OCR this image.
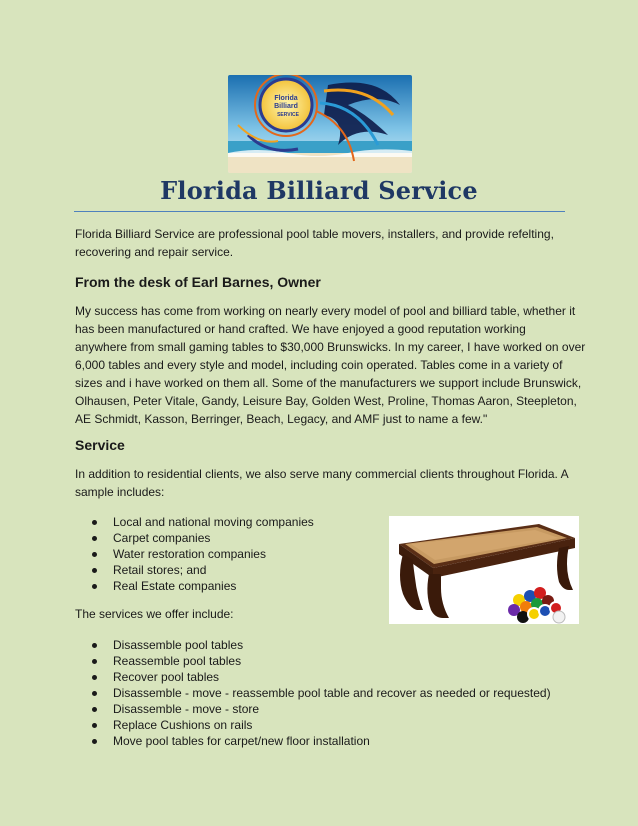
Florida
Billiard
SERVICE
Florida Billiard Service
Florida Billiard Service are professional pool table movers, installers, and provide refelting,
recovering and repair service.
From the desk of Earl Barnes, Owner
My success has come from working on nearly every model of pool and billiard table, whether it
has been manufactured or hand crafted. We have enjoyed a good reputation working
anywhere from small gaming tables to $30,000 Brunswicks. In my career, I have worked on over
6,000 tables and every style and model, including coin operated. Tables come in a variety of
sizes and i have worked on them all. Some of the manufacturers we support include Brunswick,
Olhausen, Peter Vitale, Gandy, Leisure Bay, Golden West, Proline, Thomas Aaron, Steepleton,
AE Schmidt, Kasson, Berringer, Beach, Legacy, and AMF just to name a few."
Service
In addition to residential clients, we also serve many commercial clients throughout Florida. A
sample includes:
Local and national moving companies
Carpet companies
Water restoration companies
Retail stores; and
Real Estate companies
The services we offer include:
Disassemble pool tables
Reassemble pool tables
Recover pool tables
Disassemble - move - reassemble pool table and recover as needed or requested)
Disassemble - move - store
Replace Cushions on rails
Move pool tables for carpet/new floor installation
